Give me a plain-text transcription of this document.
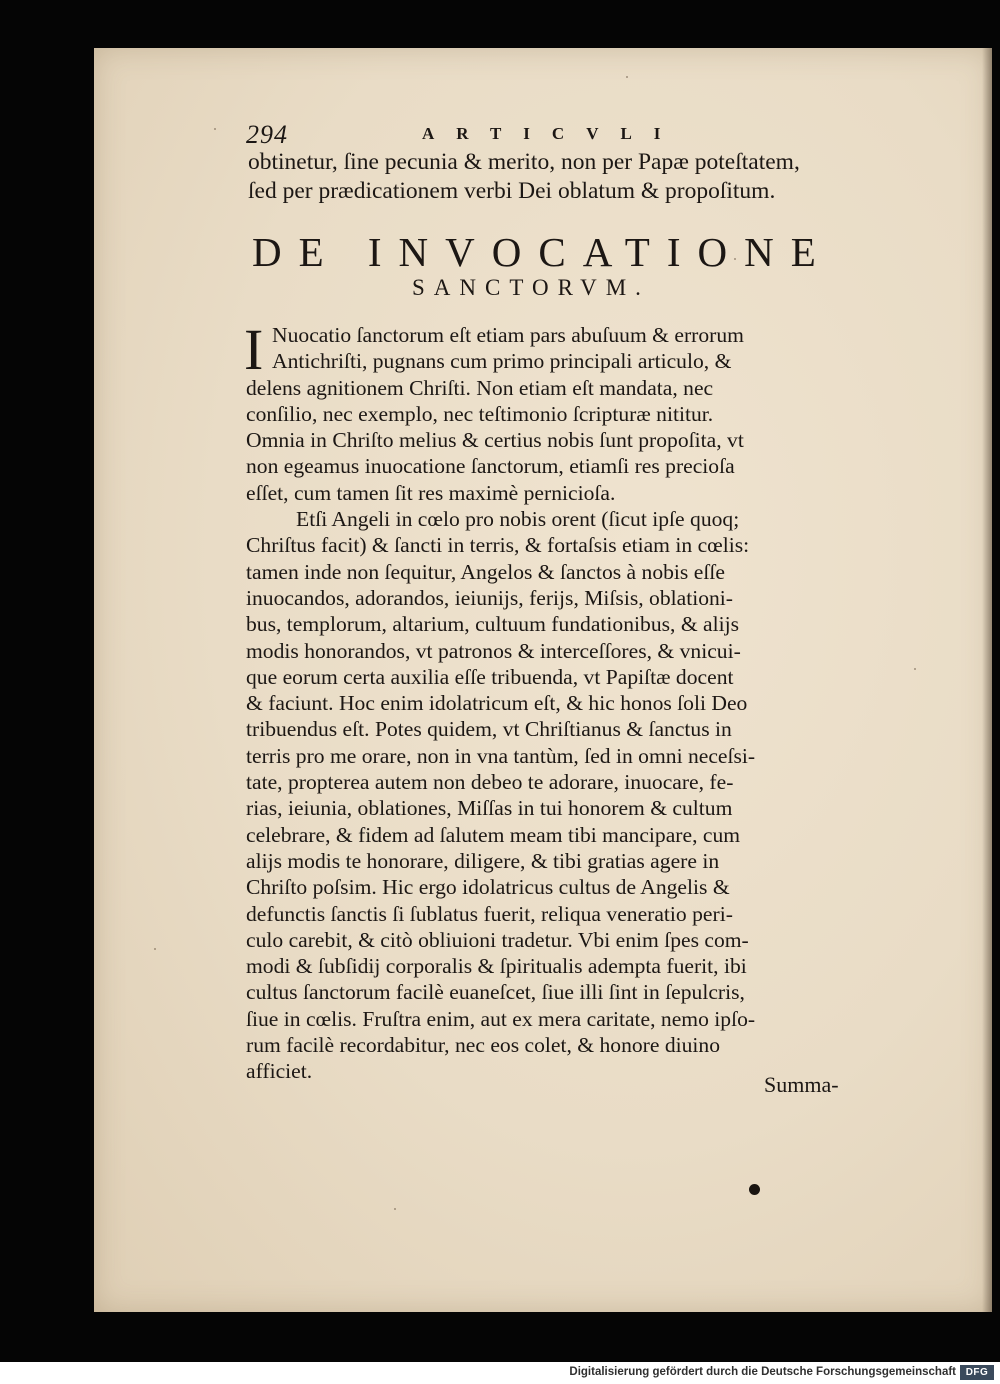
294	ARTICVLI
obtinetur, ſine pecunia & merito, non per Papæ poteſtatem,
ſed per prædicationem verbi Dei oblatum & propoſitum.
DE INVOCATIONE
SANCTORVM.
I Nuocatio ſanctorum eſt etiam pars abuſuum & errorum
Antichriſti, pugnans cum primo principali articulo, &
delens agnitionem Chriſti. Non etiam eſt mandata, nec
conſilio, nec exemplo, nec teſtimonio ſcripturæ nititur.
Omnia in Chriſto melius & certius nobis ſunt propoſita, vt
non egeamus inuocatione ſanctorum, etiamſi res precioſa
eſſet, cum tamen ſit res maximè pernicioſa.
Etſi Angeli in cœlo pro nobis orent (ſicut ipſe quoq;
Chriſtus facit) & ſancti in terris, & fortaſsis etiam in cœlis:
tamen inde non ſequitur, Angelos & ſanctos à nobis eſſe
inuocandos, adorandos, ieiunijs, ferijs, Miſsis, oblationi-
bus, templorum, altarium, cultuum fundationibus, & alijs
modis honorandos, vt patronos & interceſſores, & vnicui-
que eorum certa auxilia eſſe tribuenda, vt Papiſtæ docent
& faciunt. Hoc enim idolatricum eſt, & hic honos ſoli Deo
tribuendus eſt. Potes quidem, vt Chriſtianus & ſanctus in
terris pro me orare, non in vna tantùm, ſed in omni neceſsi-
tate, propterea autem non debeo te adorare, inuocare, fe-
rias, ieiunia, oblationes, Miſſas in tui honorem & cultum
celebrare, & fidem ad ſalutem meam tibi mancipare, cum
alijs modis te honorare, diligere, & tibi gratias agere in
Chriſto poſsim. Hic ergo idolatricus cultus de Angelis &
defunctis ſanctis ſi ſublatus fuerit, reliqua veneratio peri-
culo carebit, & citò obliuioni tradetur. Vbi enim ſpes com-
modi & ſubſidij corporalis & ſpiritualis adempta fuerit, ibi
cultus ſanctorum facilè euaneſcet, ſiue illi ſint in ſepulcris,
ſiue in cœlis. Fruſtra enim, aut ex mera caritate, nemo ipſo-
rum facilè recordabitur, nec eos colet, & honore diuino
afficiet.
Summa-
Digitalisierung gefördert durch die Deutsche Forschungsgemeinschaft DFG
